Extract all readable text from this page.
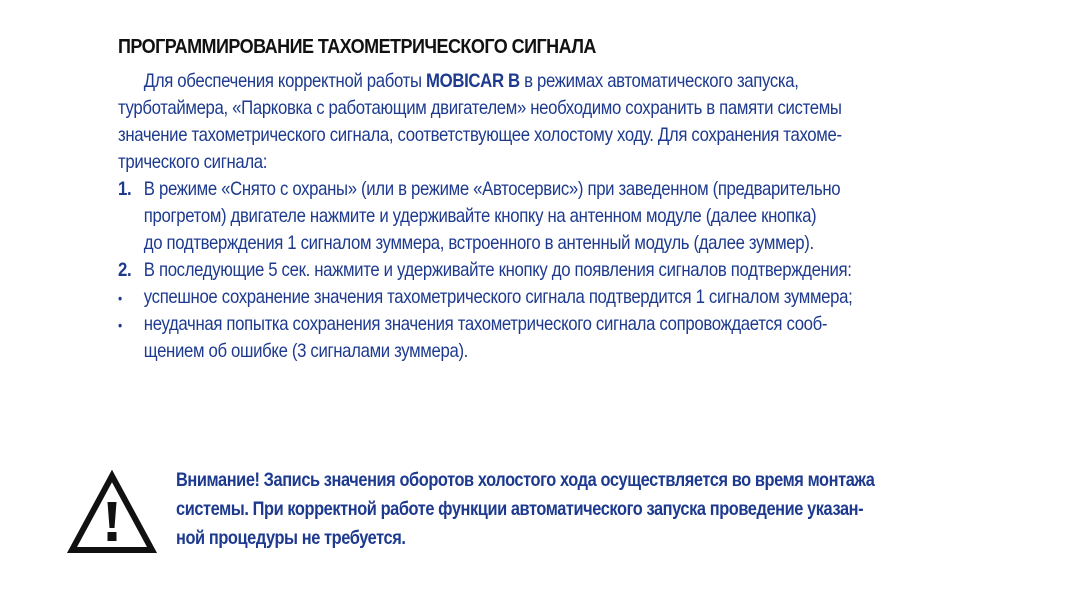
ПРОГРАММИРОВАНИЕ ТАХОМЕТРИЧЕСКОГО СИГНАЛА
Для обеспечения корректной работы MOBICAR B в режимах автоматического запуска,
турботаймера, «Парковка с работающим двигателем» необходимо сохранить в памяти системы
значение тахометрического сигнала, соответствующее холостому ходу. Для сохранения тахоме-
трического сигнала:
1. В режиме «Снято с охраны» (или в режиме «Автосервис») при заведенном (предварительно
прогретом) двигателе нажмите и удерживайте кнопку на антенном модуле (далее кнопка)
до подтверждения 1 сигналом зуммера, встроенного в антенный модуль (далее зуммер).
2. В последующие 5 сек. нажмите и удерживайте кнопку до появления сигналов подтверждения:
• успешное сохранение значения тахометрического сигнала подтвердится 1 сигналом зуммера;
• неудачная попытка сохранения значения тахометрического сигнала сопровождается сооб-
щением об ошибке (3 сигналами зуммера).
Внимание! Запись значения оборотов холостого хода осуществляется во время монтажа
системы. При корректной работе функции автоматического запуска проведение указан-
ной процедуры не требуется.
